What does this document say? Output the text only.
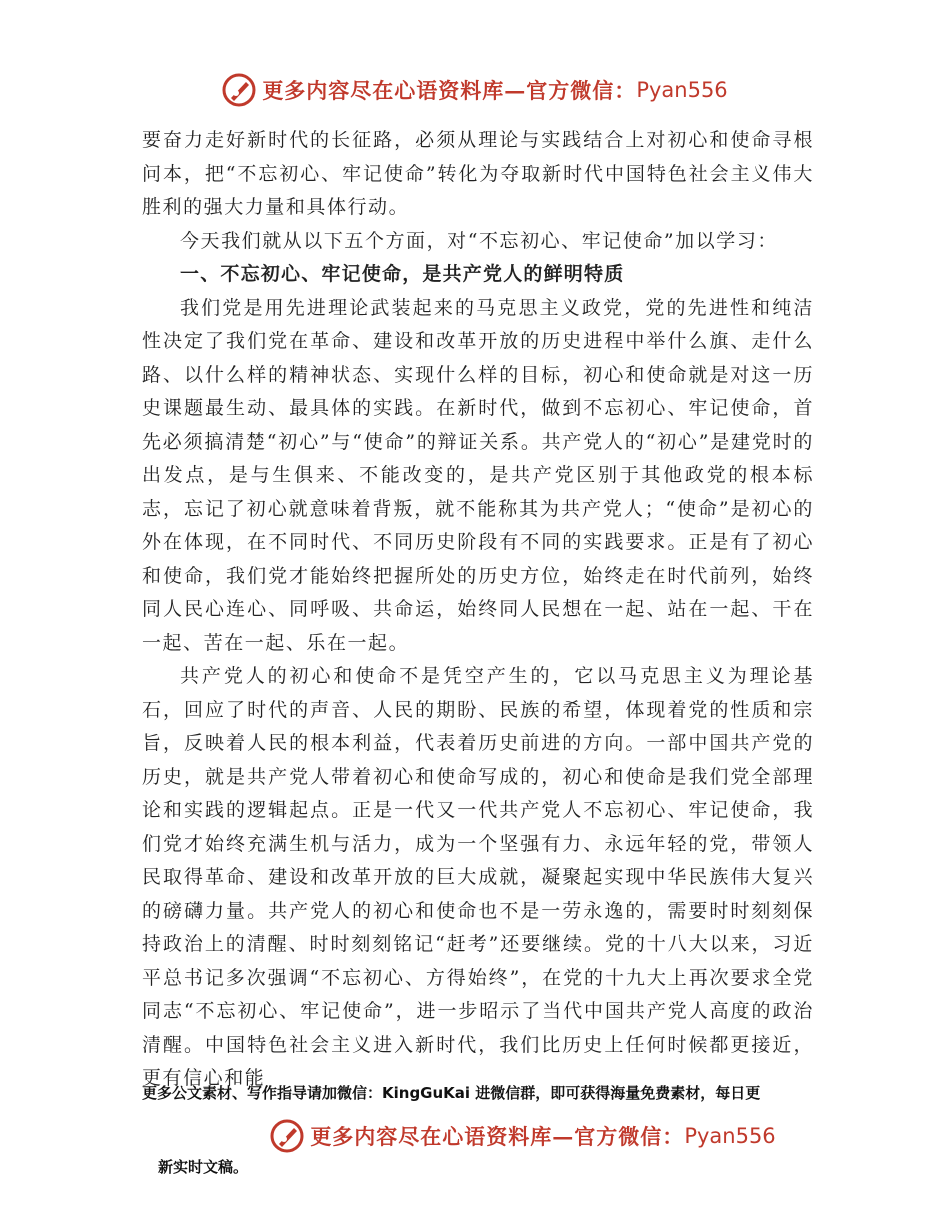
更多内容尽在心语资料库—官方微信： Pyan556

要奋力走好新时代的长征路，必须从理论与实践结合上对初心和使命寻根问本，把“不忘初心、牢记使命”转化为夺取新时代中国特色社会主义伟大胜利的强大力量和具体行动。

今天我们就从以下五个方面，对“不忘初心、牢记使命”加以学习：

一、不忘初心、牢记使命，是共产党人的鲜明特质

我们党是用先进理论武装起来的马克思主义政党，党的先进性和纯洁性决定了我们党在革命、建设和改革开放的历史进程中举什么旗、走什么路、以什么样的精神状态、实现什么样的目标，初心和使命就是对这一历史课题最生动、最具体的实践。在新时代，做到不忘初心、牢记使命，首先必须搞清楚“初心”与“使命”的辩证关系。共产党人的“初心”是建党时的出发点，是与生俱来、不能改变的，是共产党区别于其他政党的根本标志，忘记了初心就意味着背叛，就不能称其为共产党人；“使命”是初心的外在体现，在不同时代、不同历史阶段有不同的实践要求。正是有了初心和使命，我们党才能始终把握所处的历史方位，始终走在时代前列，始终同人民心连心、同呼吸、共命运，始终同人民想在一起、站在一起、干在一起、苦在一起、乐在一起。

共产党人的初心和使命不是凭空产生的，它以马克思主义为理论基石，回应了时代的声音、人民的期盼、民族的希望，体现着党的性质和宗旨，反映着人民的根本利益，代表着历史前进的方向。一部中国共产党的历史，就是共产党人带着初心和使命写成的，初心和使命是我们党全部理论和实践的逻辑起点。正是一代又一代共产党人不忘初心、牢记使命，我们党才始终充满生机与活力，成为一个坚强有力、永远年轻的党，带领人民取得革命、建设和改革开放的巨大成就，凝聚起实现中华民族伟大复兴的磅礴力量。共产党人的初心和使命也不是一劳永逸的，需要时时刻刻保持政治上的清醒、时时刻刻铭记“赶考”还要继续。党的十八大以来，习近平总书记多次强调“不忘初心、方得始终”，在党的十九大上再次要求全党同志“不忘初心、牢记使命”，进一步昭示了当代中国共产党人高度的政治清醒。中国特色社会主义进入新时代，我们比历史上任何时候都更接近，更有信心和能

更多公文素材、写作指导请加微信：KingGuKai 进微信群，即可获得海量免费素材，每日更
更多内容尽在心语资料库—官方微信： Pyan556
新实时文稿。
